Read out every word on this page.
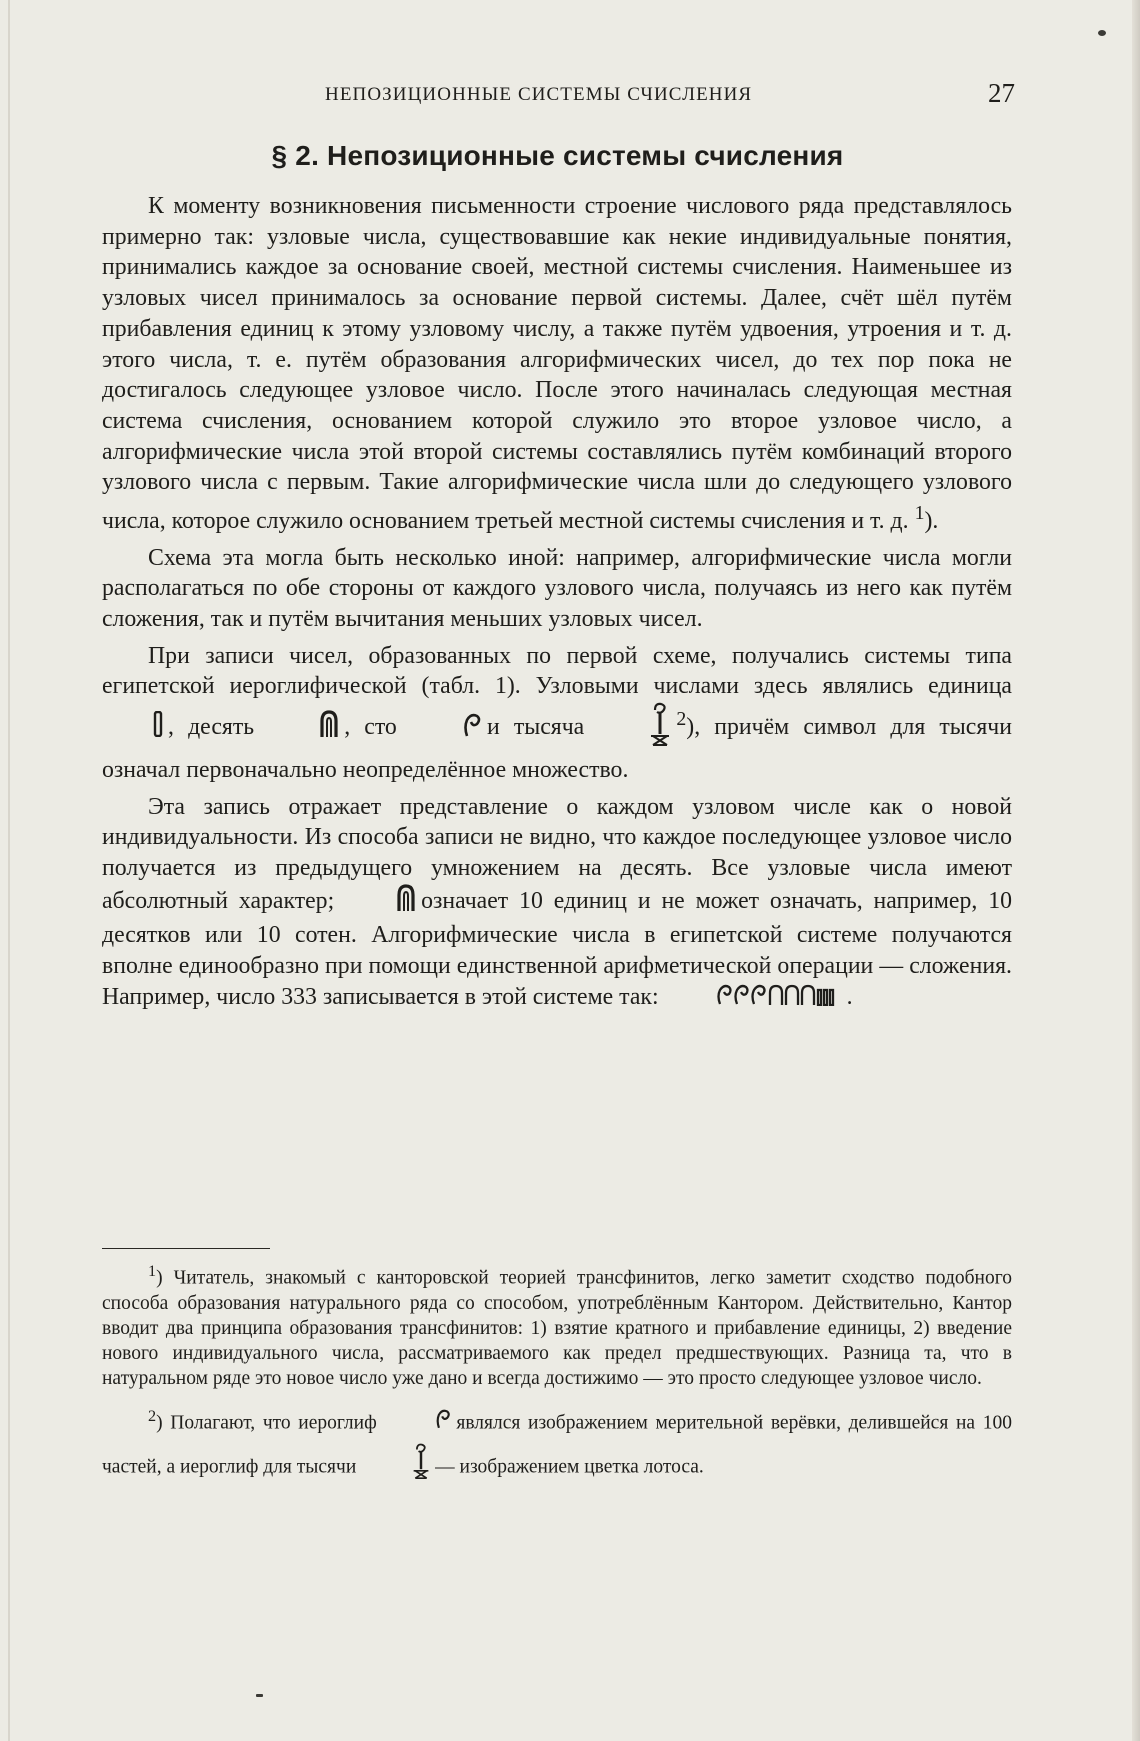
НЕПОЗИЦИОННЫЕ СИСТЕМЫ СЧИСЛЕНИЯ	27
§ 2. Непозиционные системы счисления

К моменту возникновения письменности строение числового ряда представлялось примерно так: узловые числа, существовавшие как некие индивидуальные понятия, принимались каждое за основание своей, местной системы счисления. Наименьшее из узловых чисел принималось за основание первой системы. Далее, счёт шёл путём прибавления единиц к этому узловому числу, а также путём удвоения, утроения и т. д. этого числа, т. е. путём образования алгорифмических чисел, до тех пор пока не достигалось следующее узловое число. После этого начиналась следующая местная система счисления, основанием которой служило это второе узловое число, а алгорифмические числа этой второй системы составлялись путём комбинаций второго узлового числа с первым. Такие алгорифмические числа шли до следующего узлового числа, которое служило основанием третьей местной системы счисления и т. д. $^1$).

Схема эта могла быть несколько иной: например, алгорифмические числа могли располагаться по обе стороны от каждого узлового числа, получаясь из него как путём сложения, так и путём вычитания меньших узловых чисел.

При записи чисел, образованных по первой схеме, получались системы типа египетской иероглифической (табл. 1). Узловыми числами здесь являлись единица , десять	, сто	и тысяча	$^2$), причём символ для тысячи означал первоначально неопределённое множество.

Эта запись отражает представление о каждом узловом числе как о новой индивидуальности. Из способа записи не видно, что каждое последующее узловое число получается из предыдущего умножением на десять. Все узловые числа имеют абсолютный характер;	означает 10 единиц и не может означать, например, 10 десятков или 10 сотен. Алгорифмические числа в египетской системе получаются вполне единообразно при помощи единственной арифметической операции — сложения. Например, число 333 записывается в этой системе так:	.

$^1$) Читатель, знакомый с канторовской теорией трансфинитов, легко заметит сходство подобного способа образования натурального ряда со способом, употреблённым Кантором. Действительно, Кантор вводит два принципа образования трансфинитов: 1) взятие кратного и прибавление единицы, 2) введение нового индивидуального числа, рассматриваемого как предел предшествующих. Разница та, что в натуральном ряде это новое число уже дано и всегда достижимо — это просто следующее узловое число.

$^2$) Полагают, что иероглиф	являлся изображением мерительной верёвки, делившейся на 100 частей, а иероглиф для тысячи	— изображением цветка лотоса.
